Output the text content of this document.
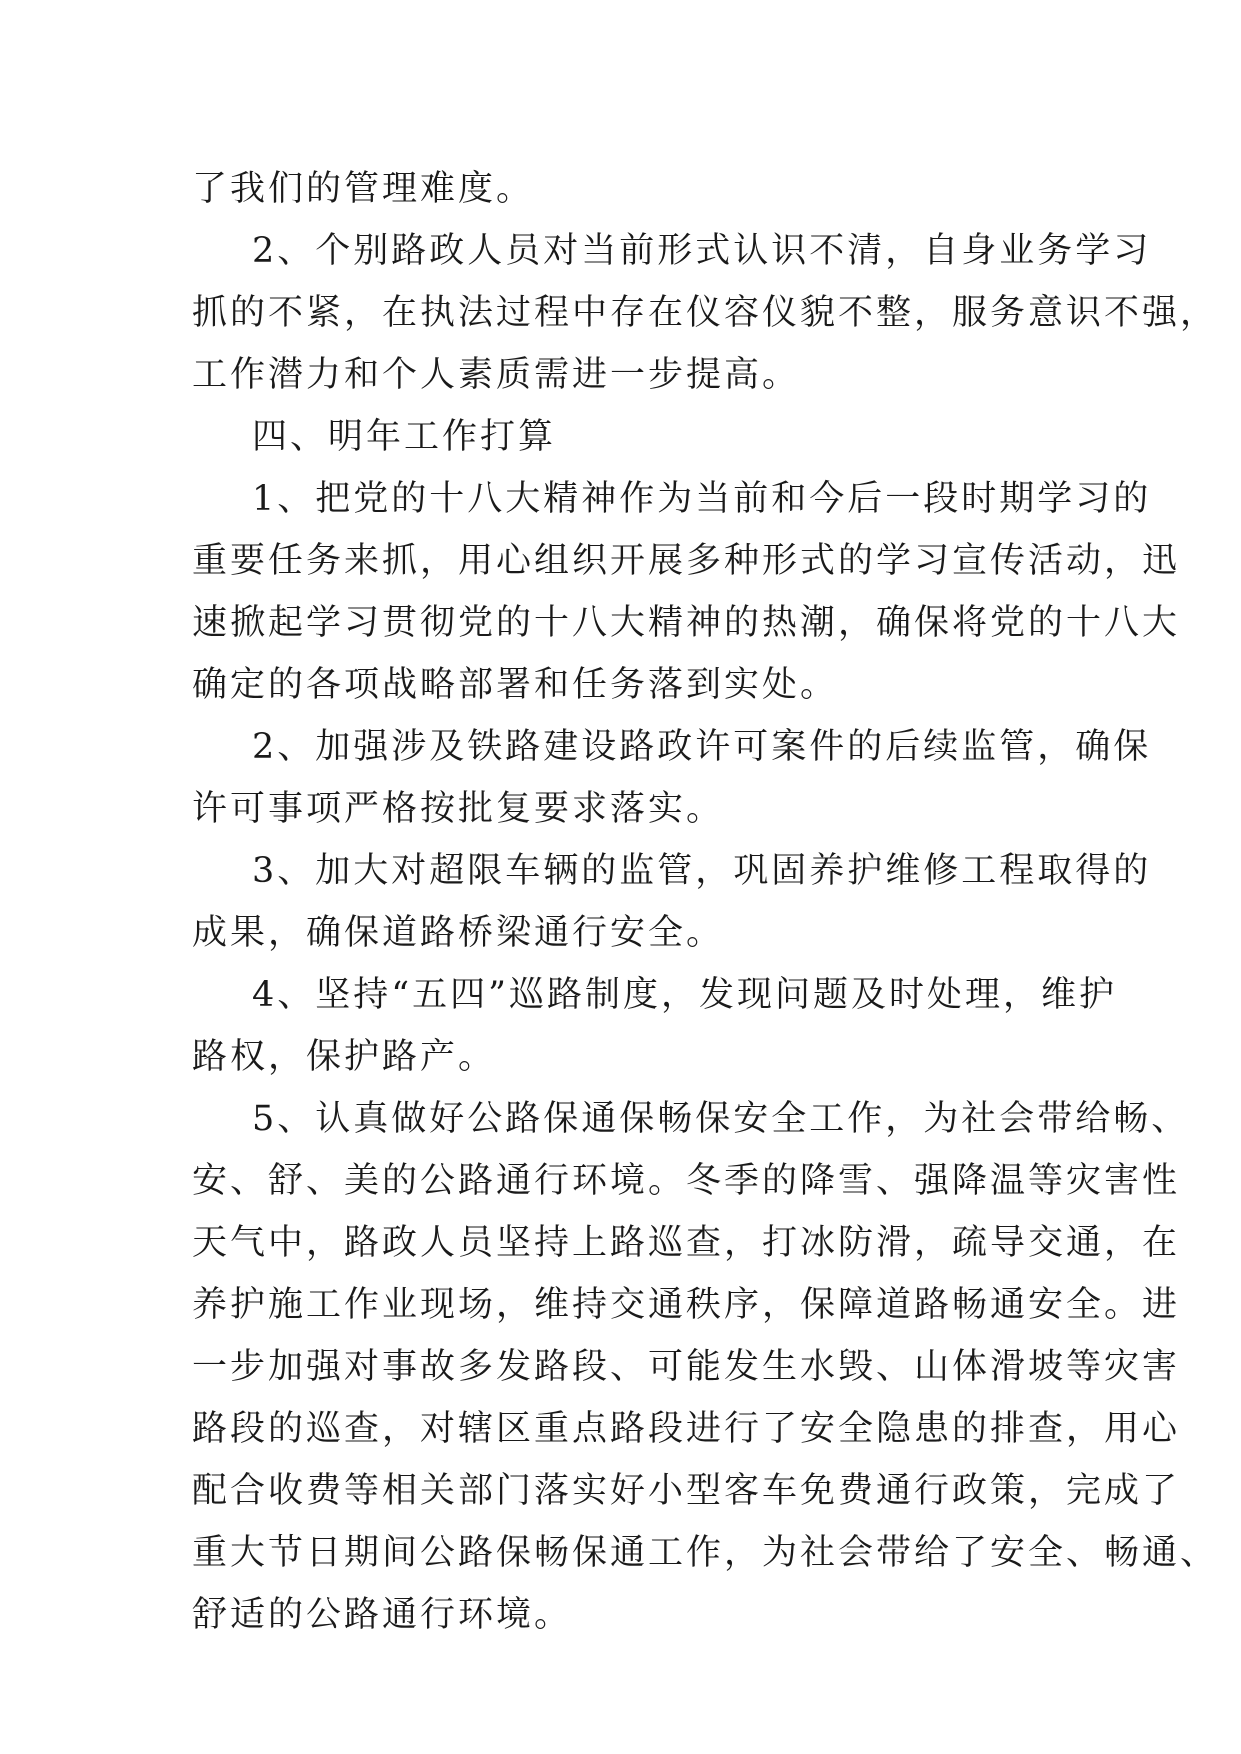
了我们的管理难度。
2、个别路政人员对当前形式认识不清，自身业务学习
抓的不紧，在执法过程中存在仪容仪貌不整，服务意识不强，
工作潜力和个人素质需进一步提高。
四、明年工作打算
1、把党的十八大精神作为当前和今后一段时期学习的
重要任务来抓，用心组织开展多种形式的学习宣传活动，迅
速掀起学习贯彻党的十八大精神的热潮，确保将党的十八大
确定的各项战略部署和任务落到实处。
2、加强涉及铁路建设路政许可案件的后续监管，确保
许可事项严格按批复要求落实。
3、加大对超限车辆的监管，巩固养护维修工程取得的
成果，确保道路桥梁通行安全。
4、坚持“五四”巡路制度，发现问题及时处理，维护
路权，保护路产。
5、认真做好公路保通保畅保安全工作，为社会带给畅、
安、舒、美的公路通行环境。冬季的降雪、强降温等灾害性
天气中，路政人员坚持上路巡查，打冰防滑，疏导交通，在
养护施工作业现场，维持交通秩序，保障道路畅通安全。进
一步加强对事故多发路段、可能发生水毁、山体滑坡等灾害
路段的巡查，对辖区重点路段进行了安全隐患的排查，用心
配合收费等相关部门落实好小型客车免费通行政策，完成了
重大节日期间公路保畅保通工作，为社会带给了安全、畅通、
舒适的公路通行环境。
